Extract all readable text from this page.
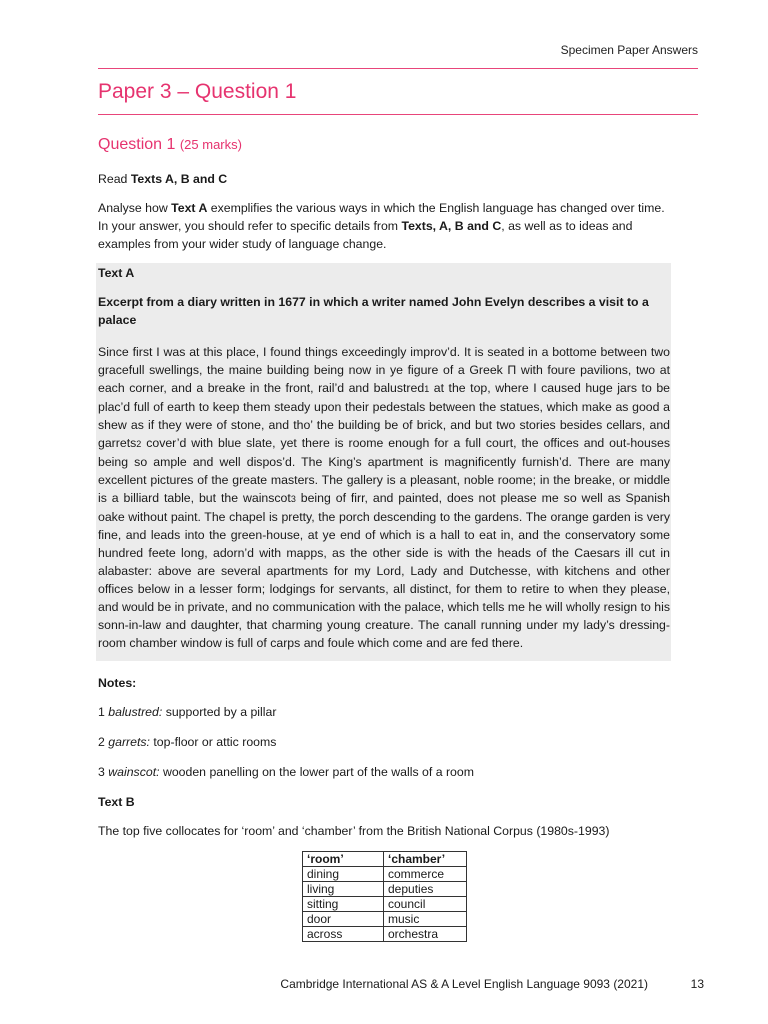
Specimen Paper Answers
Paper 3 – Question 1
Question 1 (25 marks)
Read Texts A, B and C
Analyse how Text A exemplifies the various ways in which the English language has changed over time. In your answer, you should refer to specific details from Texts, A, B and C, as well as to ideas and examples from your wider study of language change.
Text A
Excerpt from a diary written in 1677 in which a writer named John Evelyn describes a visit to a palace
Since first I was at this place, I found things exceedingly improv’d. It is seated in a bottome between two gracefull swellings, the maine building being now in ye figure of a Greek Π with foure pavilions, two at each corner, and a breake in the front, rail’d and balustred1 at the top, where I caused huge jars to be plac’d full of earth to keep them steady upon their pedestals between the statues, which make as good a shew as if they were of stone, and tho’ the building be of brick, and but two stories besides cellars, and garrets2 cover’d with blue slate, yet there is roome enough for a full court, the offices and out-houses being so ample and well dispos’d. The King’s apartment is magnificently furnish’d. There are many excellent pictures of the greate masters. The gallery is a pleasant, noble roome; in the breake, or middle is a billiard table, but the wainscot3 being of firr, and painted, does not please me so well as Spanish oake without paint. The chapel is pretty, the porch descending to the gardens. The orange garden is very fine, and leads into the green-house, at ye end of which is a hall to eat in, and the conservatory some hundred feete long, adorn’d with mapps, as the other side is with the heads of the Caesars ill cut in alabaster: above are several apartments for my Lord, Lady and Dutchesse, with kitchens and other offices below in a lesser form; lodgings for servants, all distinct, for them to retire to when they please, and would be in private, and no communication with the palace, which tells me he will wholly resign to his sonn-in-law and daughter, that charming young creature. The canall running under my lady’s dressing-room chamber window is full of carps and foule which come and are fed there.
Notes:
1 balustred: supported by a pillar
2 garrets: top-floor or attic rooms
3 wainscot: wooden panelling on the lower part of the walls of a room
Text B
The top five collocates for ‘room’ and ‘chamber’ from the British National Corpus (1980s-1993)
‘room’	‘chamber’
dining	commerce
living	deputies
sitting	council
door	music
across	orchestra
Cambridge International AS & A Level English Language 9093 (2021)	13
